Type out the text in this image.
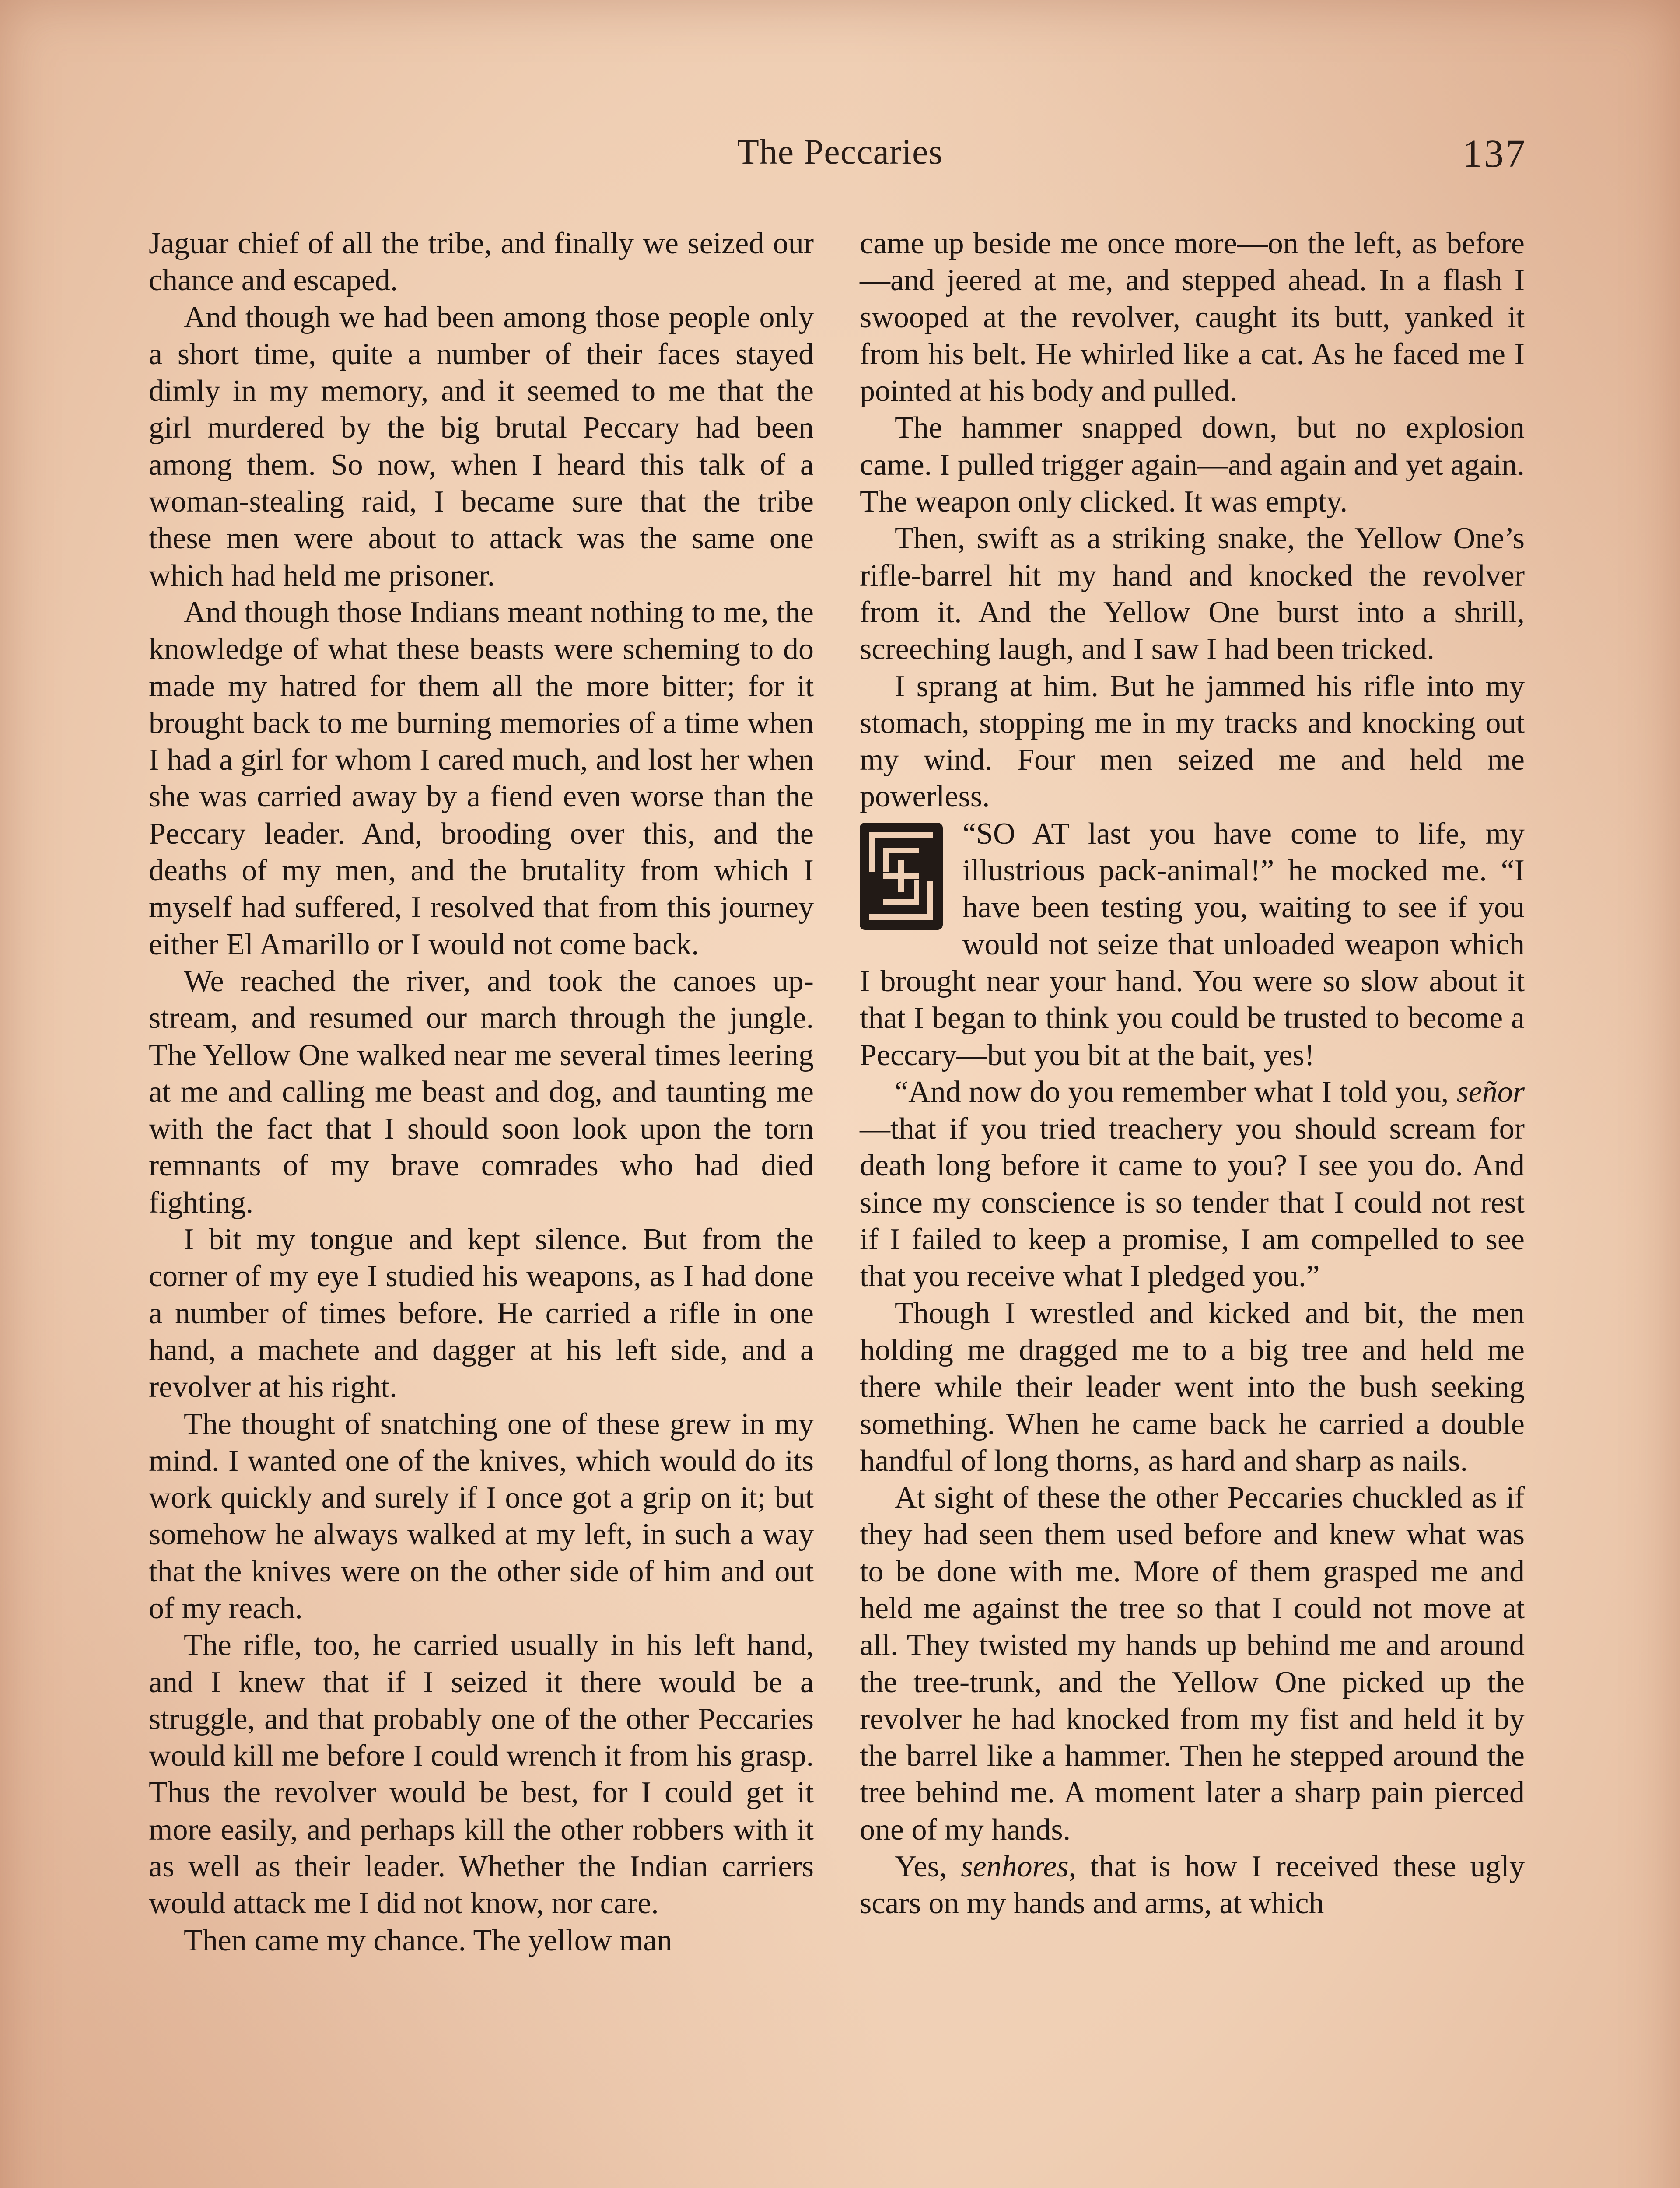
The Peccaries	137

Jaguar chief of all the tribe, and finally we seized our chance and escaped.

And though we had been among those people only a short time, quite a number of their faces stayed dimly in my memory, and it seemed to me that the girl murdered by the big brutal Peccary had been among them. So now, when I heard this talk of a woman-stealing raid, I became sure that the tribe these men were about to attack was the same one which had held me prisoner.

And though those Indians meant nothing to me, the knowledge of what these beasts were scheming to do made my hatred for them all the more bitter; for it brought back to me burning memories of a time when I had a girl for whom I cared much, and lost her when she was carried away by a fiend even worse than the Peccary leader. And, brooding over this, and the deaths of my men, and the brutality from which I myself had suffered, I resolved that from this journey either El Amarillo or I would not come back.

We reached the river, and took the canoes up-stream, and resumed our march through the jungle. The Yellow One walked near me several times leering at me and calling me beast and dog, and taunting me with the fact that I should soon look upon the torn remnants of my brave comrades who had died fighting.

I bit my tongue and kept silence. But from the corner of my eye I studied his weapons, as I had done a number of times before. He carried a rifle in one hand, a machete and dagger at his left side, and a revolver at his right.

The thought of snatching one of these grew in my mind. I wanted one of the knives, which would do its work quickly and surely if I once got a grip on it; but somehow he always walked at my left, in such a way that the knives were on the other side of him and out of my reach.

The rifle, too, he carried usually in his left hand, and I knew that if I seized it there would be a struggle, and that probably one of the other Peccaries would kill me before I could wrench it from his grasp. Thus the revolver would be best, for I could get it more easily, and perhaps kill the other robbers with it as well as their leader. Whether the Indian carriers would attack me I did not know, nor care.

Then came my chance. The yellow man

came up beside me once more—on the left, as before—and jeered at me, and stepped ahead. In a flash I swooped at the revolver, caught its butt, yanked it from his belt. He whirled like a cat. As he faced me I pointed at his body and pulled.

The hammer snapped down, but no explosion came. I pulled trigger again—and again and yet again. The weapon only clicked. It was empty.

Then, swift as a striking snake, the Yellow One’s rifle-barrel hit my hand and knocked the revolver from it. And the Yellow One burst into a shrill, screeching laugh, and I saw I had been tricked.

I sprang at him. But he jammed his rifle into my stomach, stopping me in my tracks and knocking out my wind. Four men seized me and held me powerless.

“SO AT last you have come to life, my illustrious pack-animal!” he mocked me. “I have been testing you, waiting to see if you would not seize that unloaded weapon which I brought near your hand. You were so slow about it that I began to think you could be trusted to become a Peccary—but you bit at the bait, yes!

“And now do you remember what I told you, señor—that if you tried treachery you should scream for death long before it came to you? I see you do. And since my conscience is so tender that I could not rest if I failed to keep a promise, I am compelled to see that you receive what I pledged you.”

Though I wrestled and kicked and bit, the men holding me dragged me to a big tree and held me there while their leader went into the bush seeking something. When he came back he carried a double handful of long thorns, as hard and sharp as nails.

At sight of these the other Peccaries chuckled as if they had seen them used before and knew what was to be done with me. More of them grasped me and held me against the tree so that I could not move at all. They twisted my hands up behind me and around the tree-trunk, and the Yellow One picked up the revolver he had knocked from my fist and held it by the barrel like a hammer. Then he stepped around the tree behind me. A moment later a sharp pain pierced one of my hands.

Yes, senhores, that is how I received these ugly scars on my hands and arms, at which
